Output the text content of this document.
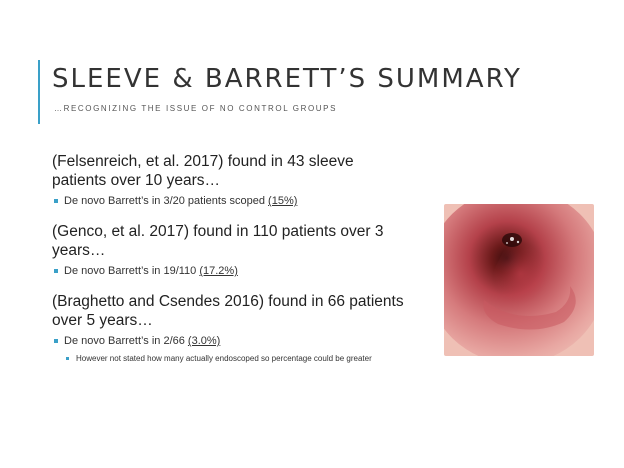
SLEEVE & BARRETT’S SUMMARY
…RECOGNIZING THE ISSUE OF NO CONTROL GROUPS
(Felsenreich, et al. 2017) found in 43 sleeve patients over 10 years…
De novo Barrett’s in 3/20 patients scoped (15%)
(Genco, et al. 2017) found in 110 patients over 3 years…
De novo Barrett’s in 19/110 (17.2%)
(Braghetto and Csendes 2016) found in 66 patients over 5 years…
De novo Barrett’s in 2/66 (3.0%)
However not stated how many actually endoscoped so percentage could be greater
